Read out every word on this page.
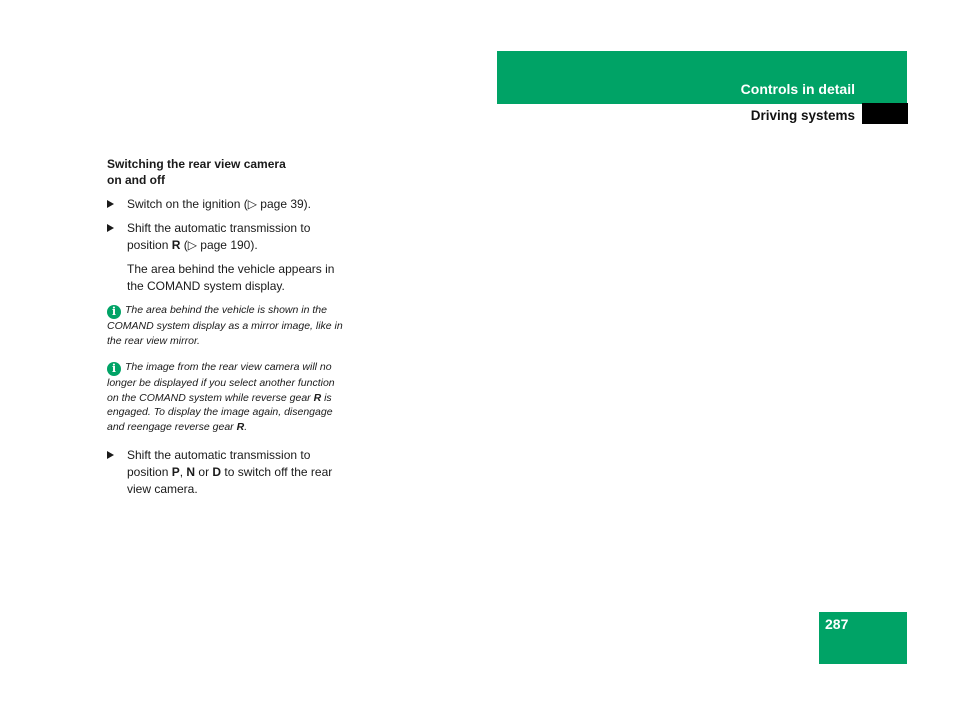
Controls in detail
Driving systems

Switching the rear view camera
on and off

Switch on the ignition (▷ page 39).

Shift the automatic transmission to position R (▷ page 190).

The area behind the vehicle appears in the COMAND system display.

i The area behind the vehicle is shown in the COMAND system display as a mirror image, like in the rear view mirror.

i The image from the rear view camera will no longer be displayed if you select another function on the COMAND system while reverse gear R is engaged. To display the image again, disengage and reengage reverse gear R.

Shift the automatic transmission to position P, N or D to switch off the rear view camera.

287
